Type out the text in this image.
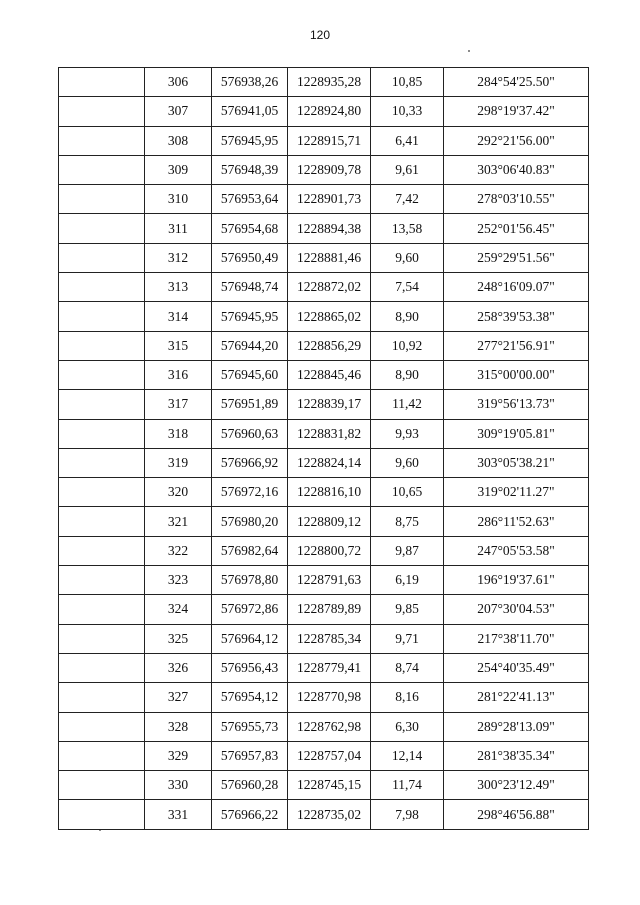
120
	306	576938,26	1228935,28	10,85	284°54'25.50"
	307	576941,05	1228924,80	10,33	298°19'37.42"
	308	576945,95	1228915,71	6,41	292°21'56.00"
	309	576948,39	1228909,78	9,61	303°06'40.83"
	310	576953,64	1228901,73	7,42	278°03'10.55"
	311	576954,68	1228894,38	13,58	252°01'56.45"
	312	576950,49	1228881,46	9,60	259°29'51.56"
	313	576948,74	1228872,02	7,54	248°16'09.07"
	314	576945,95	1228865,02	8,90	258°39'53.38"
	315	576944,20	1228856,29	10,92	277°21'56.91"
	316	576945,60	1228845,46	8,90	315°00'00.00"
	317	576951,89	1228839,17	11,42	319°56'13.73"
	318	576960,63	1228831,82	9,93	309°19'05.81"
	319	576966,92	1228824,14	9,60	303°05'38.21"
	320	576972,16	1228816,10	10,65	319°02'11.27"
	321	576980,20	1228809,12	8,75	286°11'52.63"
	322	576982,64	1228800,72	9,87	247°05'53.58"
	323	576978,80	1228791,63	6,19	196°19'37.61"
	324	576972,86	1228789,89	9,85	207°30'04.53"
	325	576964,12	1228785,34	9,71	217°38'11.70"
	326	576956,43	1228779,41	8,74	254°40'35.49"
	327	576954,12	1228770,98	8,16	281°22'41.13"
	328	576955,73	1228762,98	6,30	289°28'13.09"
	329	576957,83	1228757,04	12,14	281°38'35.34"
	330	576960,28	1228745,15	11,74	300°23'12.49"
	331	576966,22	1228735,02	7,98	298°46'56.88"
